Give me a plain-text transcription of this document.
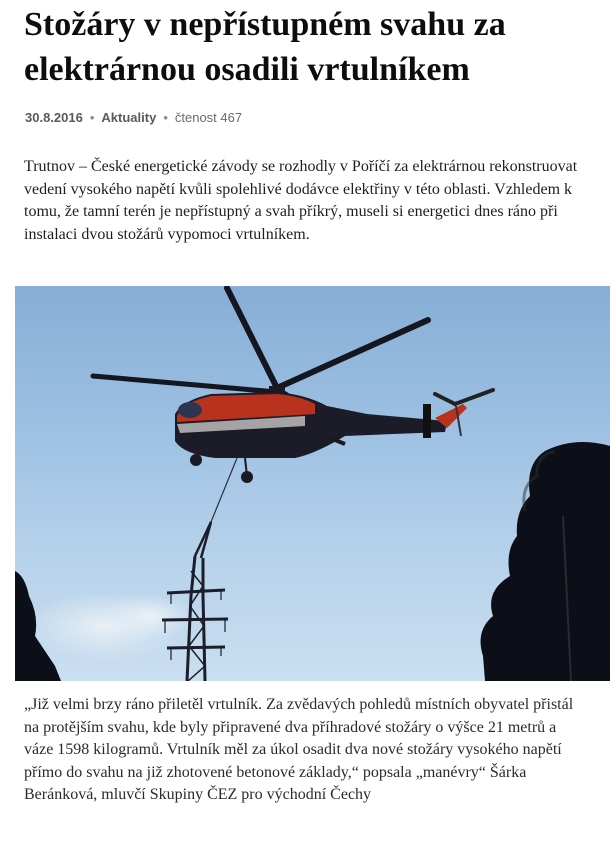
Stožáry v nepřístupném svahu za elektrárnou osadili vrtulníkem
30.8.2016 • Aktuality • čtenost 467

Trutnov – České energetické závody se rozhodly v Poříčí za elektrárnou rekonstruovat vedení vysokého napětí kvůli spolehlivé dodávce elektřiny v této oblasti. Vzhledem k tomu, že tamní terén je nepřístupný a svah příkrý, museli si energetici dnes ráno při instalaci dvou stožárů vypomoci vrtulníkem.

„Již velmi brzy ráno přiletěl vrtulník. Za zvědavých pohledů místních obyvatel přistál na protějším svahu, kde byly připravené dva příhradové stožáry o výšce 21 metrů a váze 1598 kilogramů. Vrtulník měl za úkol osadit dva nové stožáry vysokého napětí přímo do svahu na již zhotovené betonové základy,“ popsala „manévry“ Šárka Beránková, mluvčí Skupiny ČEZ pro východní Čechy
